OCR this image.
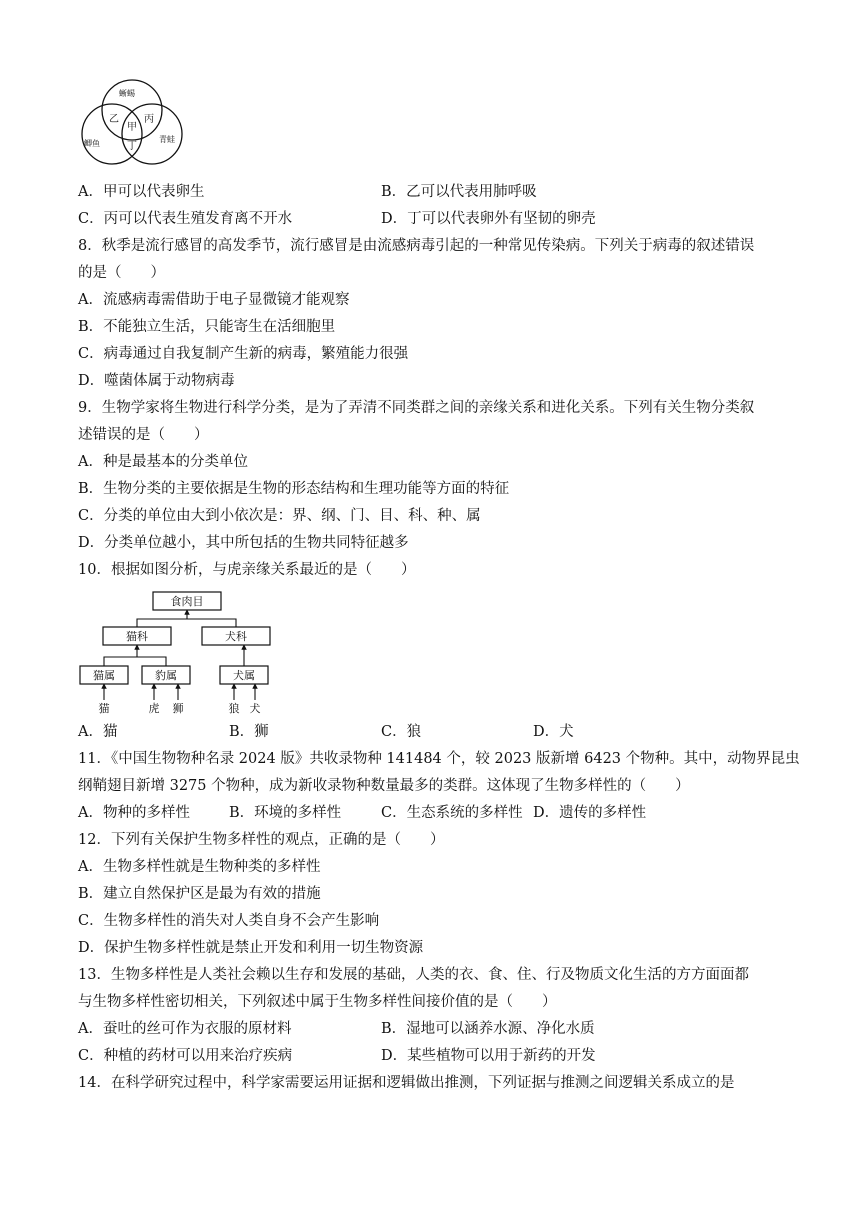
蜥蜴
鲫鱼	青蛙
乙
甲
丙
丁
A．甲可以代表卵生	B．乙可以代表用肺呼吸
C．丙可以代表生殖发育离不开水	D．丁可以代表卵外有坚韧的卵壳
8．秋季是流行感冒的高发季节，流行感冒是由流感病毒引起的一种常见传染病。下列关于病毒的叙述错误
的是（　　）
A．流感病毒需借助于电子显微镜才能观察
B．不能独立生活，只能寄生在活细胞里
C．病毒通过自我复制产生新的病毒，繁殖能力很强
D．噬菌体属于动物病毒
9．生物学家将生物进行科学分类，是为了弄清不同类群之间的亲缘关系和进化关系。下列有关生物分类叙
述错误的是（　　）
A．种是最基本的分类单位
B．生物分类的主要依据是生物的形态结构和生理功能等方面的特征
C．分类的单位由大到小依次是：界、纲、门、目、科、种、属
D．分类单位越小，其中所包括的生物共同特征越多
10．根据如图分析，与虎亲缘关系最近的是（　　）
食肉目
猫科	犬科
猫属	豹属	犬属
猫	虎 狮	狼 犬
A．猫	B．狮	C．狼	D．犬
11．《中国生物物种名录 2024 版》共收录物种 141484 个，较 2023 版新增 6423 个物种。其中，动物界昆虫
纲鞘翅目新增 3275 个物种，成为新收录物种数量最多的类群。这体现了生物多样性的（　　）
A．物种的多样性	B．环境的多样性	C．生态系统的多样性 D．遗传的多样性
12．下列有关保护生物多样性的观点，正确的是（　　）
A．生物多样性就是生物种类的多样性
B．建立自然保护区是最为有效的措施
C．生物多样性的消失对人类自身不会产生影响
D．保护生物多样性就是禁止开发和利用一切生物资源
13．生物多样性是人类社会赖以生存和发展的基础，人类的衣、食、住、行及物质文化生活的方方面面都
与生物多样性密切相关，下列叙述中属于生物多样性间接价值的是（　　）
A．蚕吐的丝可作为衣服的原材料	B．湿地可以涵养水源、净化水质
C．种植的药材可以用来治疗疾病	D．某些植物可以用于新药的开发
14．在科学研究过程中，科学家需要运用证据和逻辑做出推测，下列证据与推测之间逻辑关系成立的是
